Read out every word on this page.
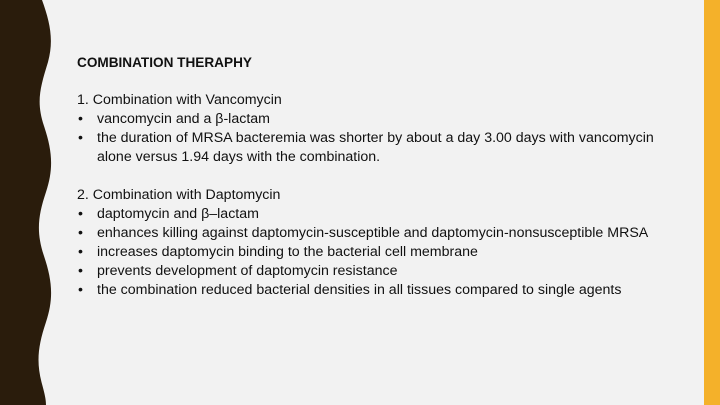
COMBINATION THERAPHY

1. Combination with Vancomycin

• vancomycin and a β-lactam
• the duration of MRSA bacteremia was shorter by about a day 3.00 days with vancomycin alone versus 1.94 days with the combination.

2. Combination with Daptomycin

• daptomycin and β–lactam
• enhances killing against daptomycin-susceptible and daptomycin-nonsusceptible MRSA
• increases daptomycin binding to the bacterial cell membrane
• prevents development of daptomycin resistance
• the combination reduced bacterial densities in all tissues compared to single agents
